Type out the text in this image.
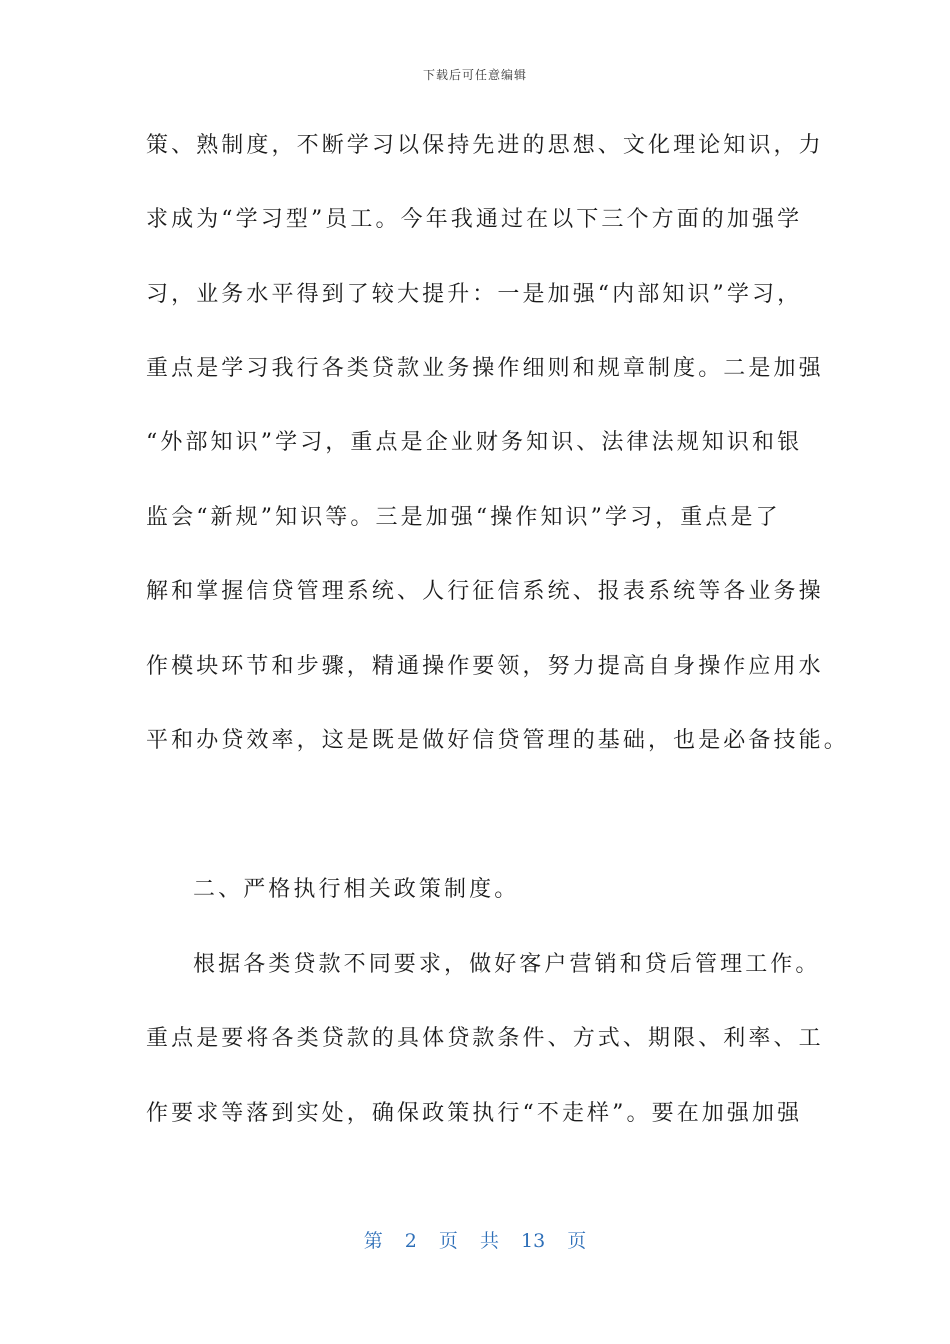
下载后可任意编辑
策、熟制度，不断学习以保持先进的思想、文化理论知识，力
求成为“学习型”员工。今年我通过在以下三个方面的加强学
习，业务水平得到了较大提升：一是加强“内部知识”学习，
重点是学习我行各类贷款业务操作细则和规章制度。二是加强
“外部知识”学习，重点是企业财务知识、法律法规知识和银
监会“新规”知识等。三是加强“操作知识”学习，重点是了
解和掌握信贷管理系统、人行征信系统、报表系统等各业务操
作模块环节和步骤，精通操作要领，努力提高自身操作应用水
平和办贷效率，这是既是做好信贷管理的基础，也是必备技能。
二、严格执行相关政策制度。
根据各类贷款不同要求，做好客户营销和贷后管理工作。
重点是要将各类贷款的具体贷款条件、方式、期限、利率、工
作要求等落到实处，确保政策执行“不走样”。要在加强加强
第 2 页 共 13 页
